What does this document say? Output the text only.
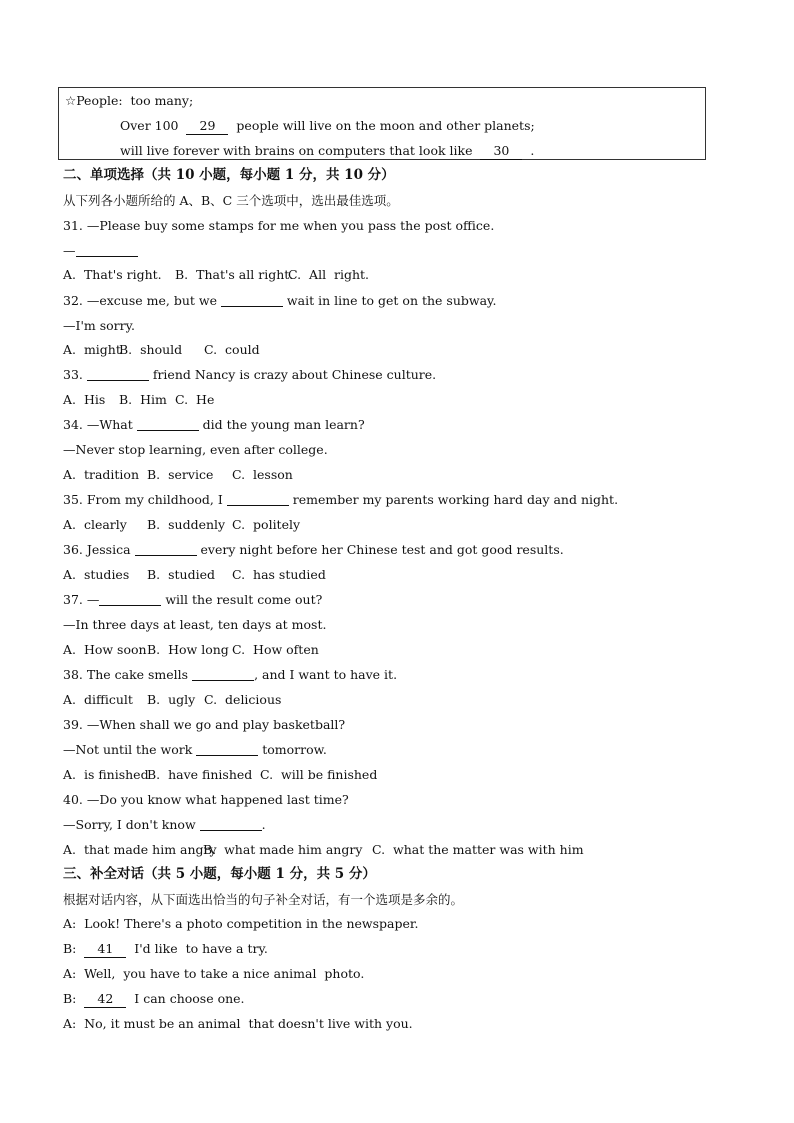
☆People:  too many;
Over 100  29  people will live on the moon and other planets;
will live forever with brains on computers that look like  30  .
二、单项选择（共 10 小题，每小题 1 分，共 10 分）
从下列各小题所给的 A、B、C 三个选项中，选出最佳选项。
31. —Please buy some stamps for me when you pass the post office.
—
A.  That's right. B.  That's all right.
C.  All  right.
32. —excuse me, but we	wait in line to get on the subway.
—I'm sorry.
A.  might
B.  should C.  could
33.	friend Nancy is crazy about Chinese culture.
A.  His B.  Him C.  He
34. —What	did the young man learn?
—Never stop learning, even after college.
A.  tradition B.  service C.  lesson
35. From my childhood, I	remember my parents working hard day and night.
A.  clearly B.  suddenly C.  politely
36. Jessica	every night before her Chinese test and got good results.
A.  studies B.  studied C.  has studied
37. —	will the result come out?
—In three days at least, ten days at most.
A.  How soon B.  How long C.  How often
38. The cake smells	, and I want to have it.
A.  difficult B.  ugly C.  delicious
39. —When shall we go and play basketball?
—Not until the work	tomorrow.
A.  is finished
B.  have finished C.  will be finished
40. —Do you know what happened last time?
—Sorry, I don't know	.
A.  that made him angry
B.  what made him angry C.  what the matter was with him
三、补全对话（共 5 小题，每小题 1 分，共 5 分）
根据对话内容，从下面选出恰当的句子补全对话，有一个选项是多余的。
A:  Look! There's a photo competition in the newspaper.
B:  41  I'd like  to have a try.
A:  Well,  you have to take a nice animal  photo.
B:  42  I can choose one.
A:  No, it must be an animal  that doesn't live with you.
